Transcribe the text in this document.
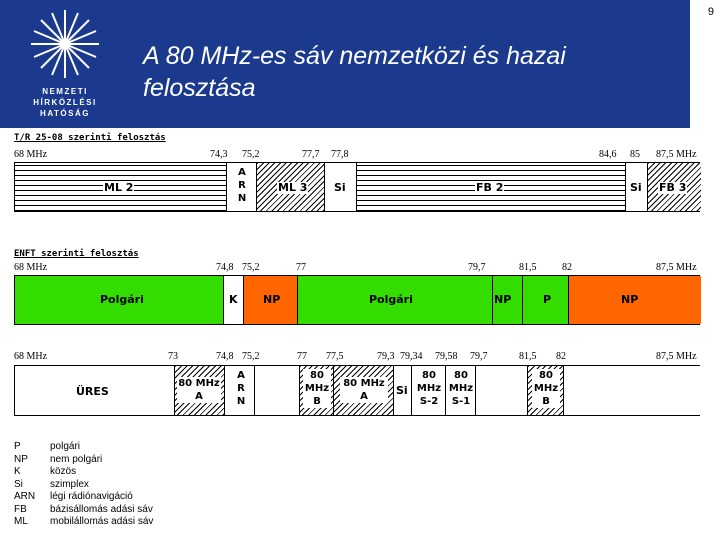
NEMZETI
HÍRKÖZLÉSI
HATÓSÁG
A 80 MHz-es sáv nemzetközi és hazai felosztása
9
T/R 25-08 szerinti felosztás
68 MHz	74,3 75,2	77,7 77,8	84,6 85 87,5 MHz
ML 2
A
R
N
ML 3 Si	FB 2	Si FB 3
ENFT szerinti felosztás
68 MHz	74,8 75,2	77	79,7	81,5	82	87,5 MHz
Polgári	K NP	Polgári	NP	P	NP
68 MHz	73	74,8 75,2	77 77,5	79,3 79,34 79,58 79,7	81,5 82	87,5 MHz
ÜRES
80 MHz
A
A
R
N
80
MHz
B
80 MHz
A	Si
80
MHz
S-2
80
MHz
S-1
80
MHz
B
P	polgári
NP	nem polgári
K	közös
Si	szimplex
ARN	légi rádiónavigáció
FB	bázisállomás adási sáv
ML	mobilállomás adási sáv
